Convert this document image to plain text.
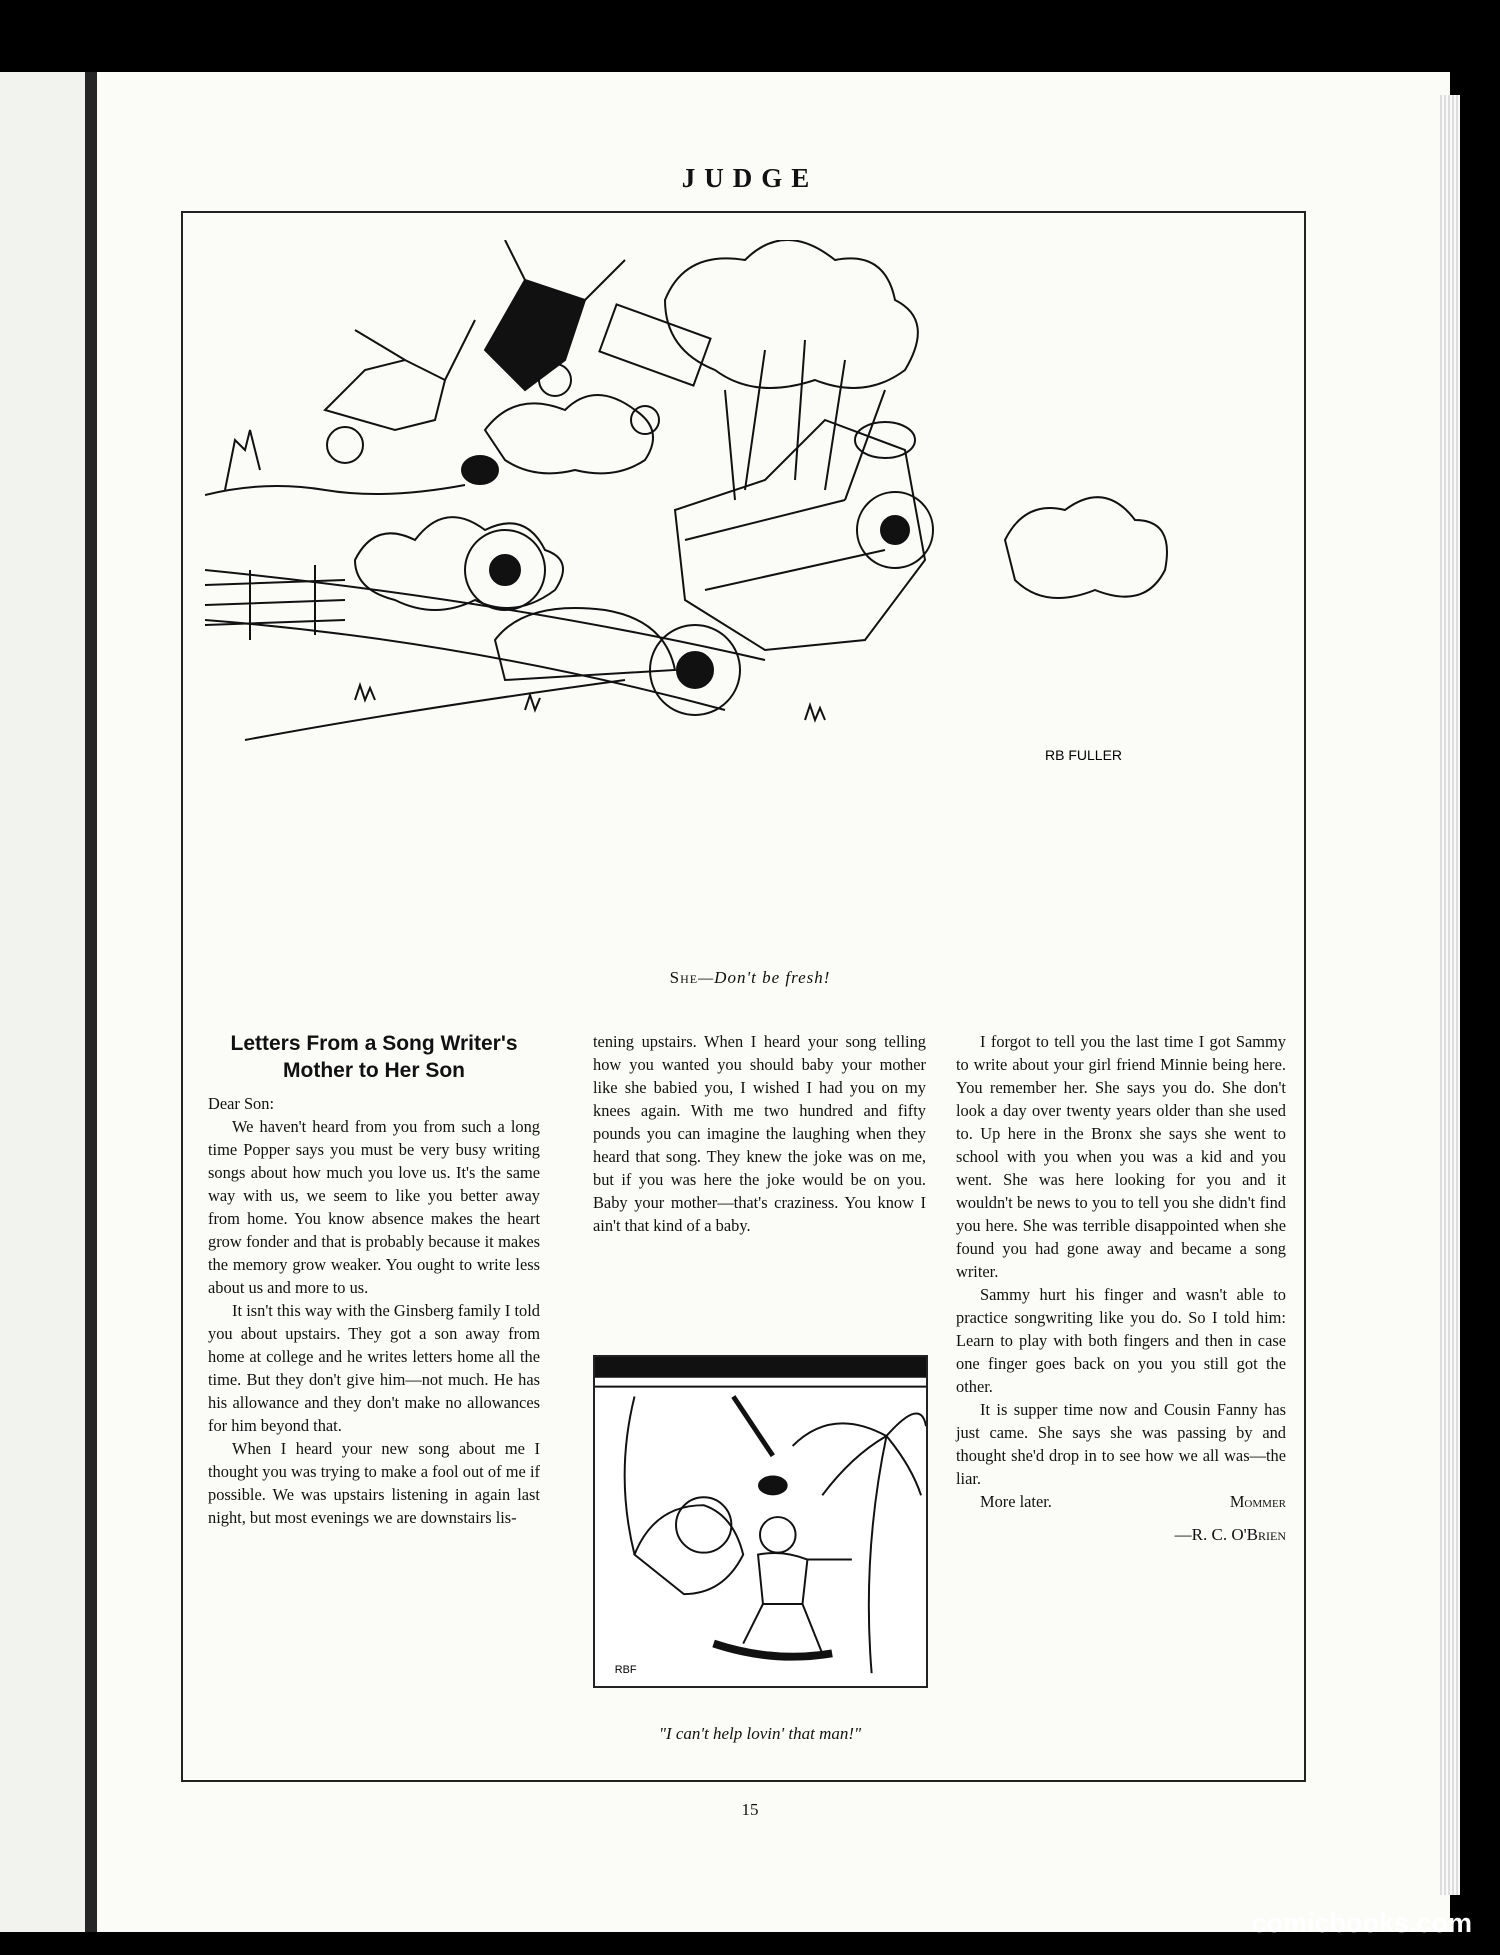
JUDGE
RB FULLER
She—Don't be fresh!
Letters From a Song Writer's Mother to Her Son

Dear Son:

We haven't heard from you from such a long time Popper says you must be very busy writing songs about how much you love us. It's the same way with us, we seem to like you better away from home. You know absence makes the heart grow fonder and that is probably because it makes the memory grow weaker. You ought to write less about us and more to us.

It isn't this way with the Ginsberg family I told you about upstairs. They got a son away from home at college and he writes letters home all the time. But they don't give him—not much. He has his allowance and they don't make no allowances for him beyond that.

When I heard your new song about me I thought you was trying to make a fool out of me if possible. We was upstairs listening in again last night, but most evenings we are downstairs lis-

tening upstairs. When I heard your song telling how you wanted you should baby your mother like she babied you, I wished I had you on my knees again. With me two hundred and fifty pounds you can imagine the laughing when they heard that song. They knew the joke was on me, but if you was here the joke would be on you. Baby your mother—that's craziness. You know I ain't that kind of a baby.

RBF
"I can't help lovin' that man!"

I forgot to tell you the last time I got Sammy to write about your girl friend Minnie being here. You remember her. She says you do. She don't look a day over twenty years older than she used to. Up here in the Bronx she says she went to school with you when you was a kid and you went. She was here looking for you and it wouldn't be news to you to tell you she didn't find you here. She was terrible disappointed when she found you had gone away and became a song writer.

Sammy hurt his finger and wasn't able to practice songwriting like you do. So I told him: Learn to play with both fingers and then in case one finger goes back on you you still got the other.

It is supper time now and Cousin Fanny has just came. She says she was passing by and thought she'd drop in to see how we all was—the liar.

More later.	Mommer
—R. C. O'Brien
15
comicbooks.com
